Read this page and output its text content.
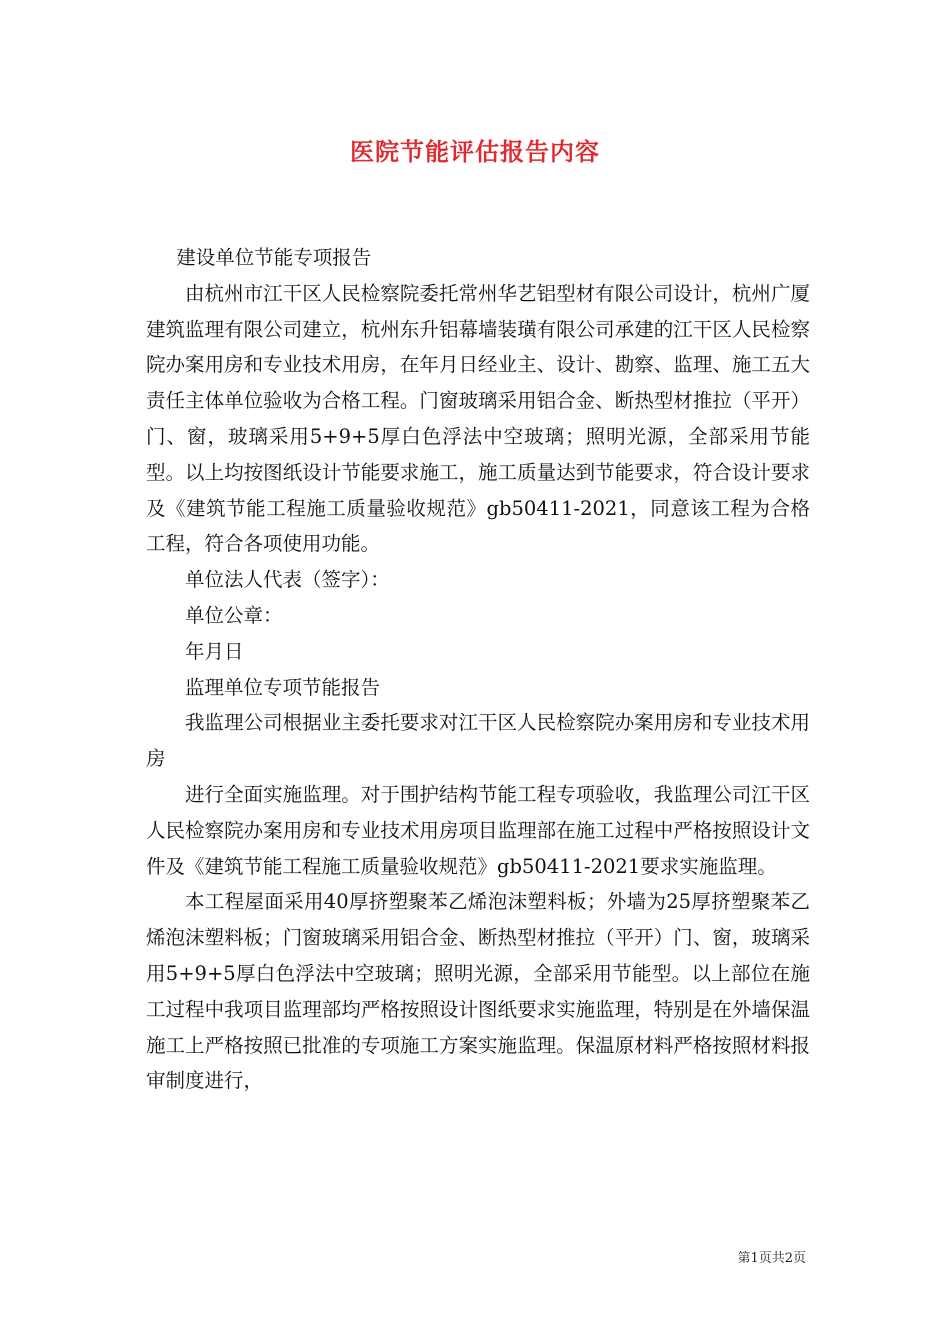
医院节能评估报告内容

建设单位节能专项报告

由杭州市江干区人民检察院委托常州华艺铝型材有限公司设计，杭州广厦建筑监理有限公司建立，杭州东升铝幕墙装璜有限公司承建的江干区人民检察院办案用房和专业技术用房，在年月日经业主、设计、勘察、监理、施工五大责任主体单位验收为合格工程。门窗玻璃采用铝合金、断热型材推拉（平开）门、窗，玻璃采用5+9+5厚白色浮法中空玻璃；照明光源，全部采用节能型。以上均按图纸设计节能要求施工，施工质量达到节能要求，符合设计要求及《建筑节能工程施工质量验收规范》gb50411-2021，同意该工程为合格工程，符合各项使用功能。

单位法人代表（签字）：

单位公章：

年月日

监理单位专项节能报告

我监理公司根据业主委托要求对江干区人民检察院办案用房和专业技术用房

进行全面实施监理。对于围护结构节能工程专项验收，我监理公司江干区人民检察院办案用房和专业技术用房项目监理部在施工过程中严格按照设计文件及《建筑节能工程施工质量验收规范》gb50411-2021要求实施监理。

本工程屋面采用40厚挤塑聚苯乙烯泡沫塑料板；外墙为25厚挤塑聚苯乙烯泡沫塑料板；门窗玻璃采用铝合金、断热型材推拉（平开）门、窗，玻璃采用5+9+5厚白色浮法中空玻璃；照明光源，全部采用节能型。以上部位在施工过程中我项目监理部均严格按照设计图纸要求实施监理，特别是在外墙保温施工上严格按照已批准的专项施工方案实施监理。保温原材料严格按照材料报审制度进行，

第1页共2页
